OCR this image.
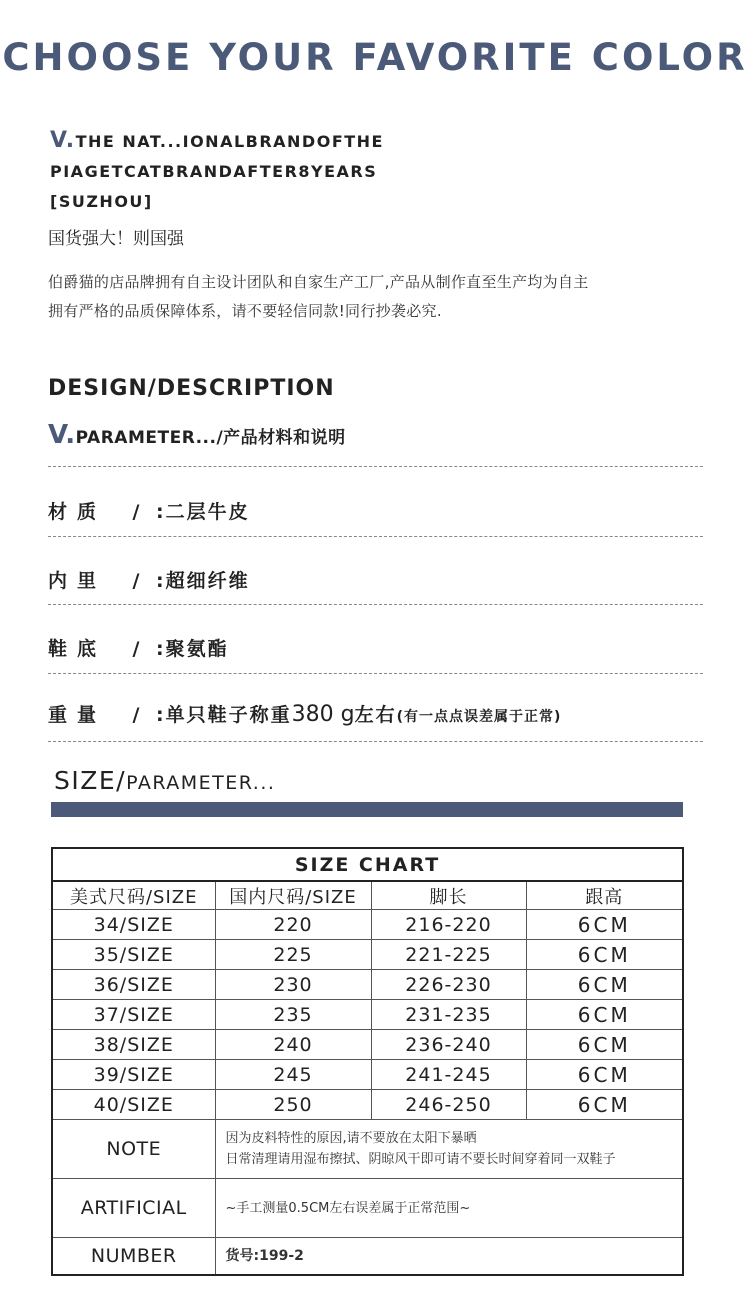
CHOOSE YOUR FAVORITE COLOR
V.THE NAT...IONALBRANDOFTHE
PIAGETCATBRANDAFTER8YEARS
[SUZHOU]
国货强大！则国强
伯爵猫的店品牌拥有自主设计团队和自家生产工厂,产品从制作直至生产均为自主
拥有严格的品质保障体系，请不要轻信同款!同行抄袭必究.
DESIGN/DESCRIPTION
V.PARAMETER.../产品材料和说明
材质 / :二层牛皮
内里 / :超细纤维
鞋底 / :聚氨酯
重量 / :单只鞋子称重380 g左右(有一点点误差属于正常)
SIZE/PARAMETER...
SIZE CHART			
美式尺码/SIZE	国内尺码/SIZE	脚长	跟高
34/SIZE	220	216-220	6CM
35/SIZE	225	221-225	6CM
36/SIZE	230	226-230	6CM
37/SIZE	235	231-235	6CM
38/SIZE	240	236-240	6CM
39/SIZE	245	241-245	6CM
40/SIZE	250	246-250	6CM
NOTE	因为皮料特性的原因,请不要放在太阳下暴晒
日常清理请用湿布擦拭、阴晾风干即可请不要长时间穿着同一双鞋子		

ARTIFICIAL	~手工测量0.5CM左右误差属于正常范围~		
NUMBER	货号:199-2		
